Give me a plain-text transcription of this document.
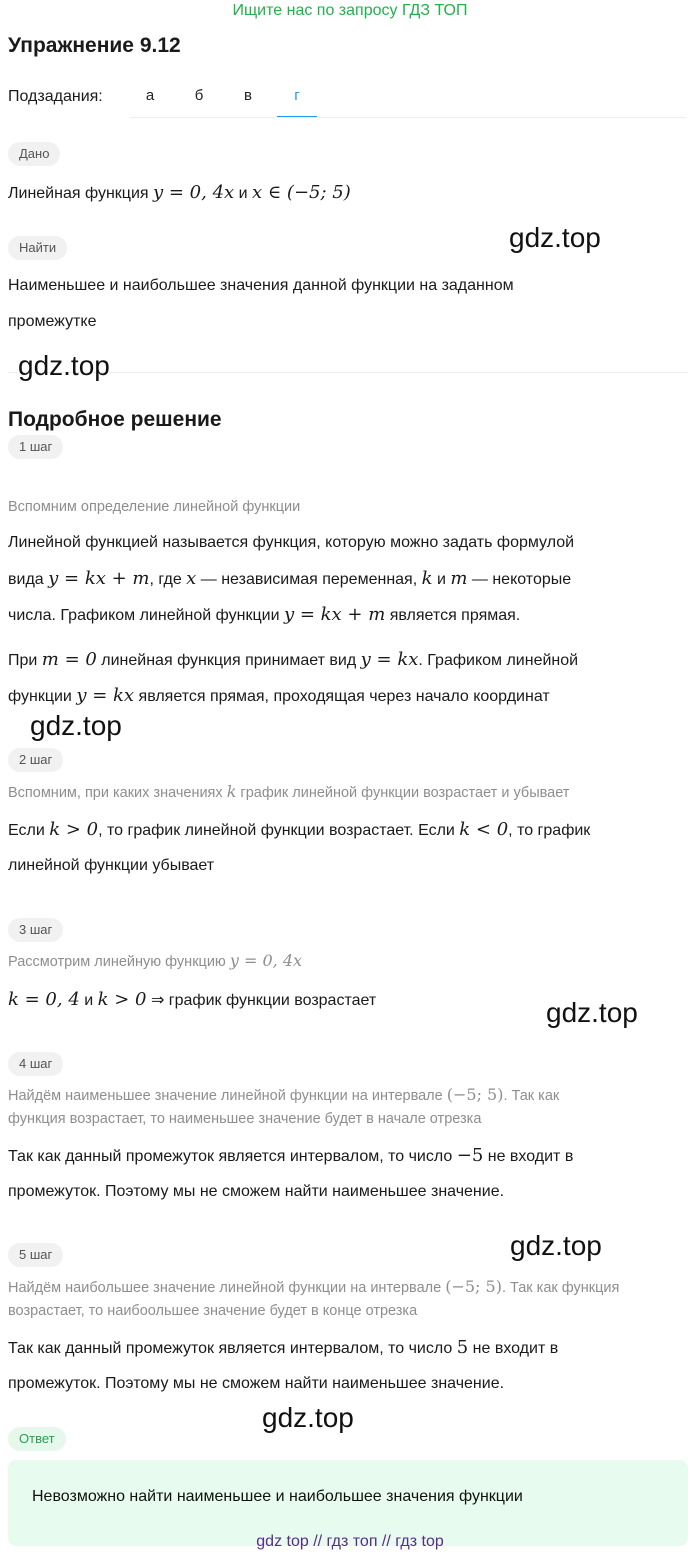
Ищите нас по запросу ГДЗ ТОП
Упражнение 9.12
Подзадания:	а	б	в	г
Дано
Линейная функция y = 0, 4x и x ∈ (−5; 5)
Найти
Наименьшее и наибольшее значения данной функции на заданном
промежутке
Подробное решение
1 шаг
Вспомним определение линейной функции
Линейной функцией называется функция, которую можно задать формулой
вида y = kx + m, где x — независимая переменная, k и m — некоторые
числа. Графиком линейной функции y = kx + m является прямая.
При m = 0 линейная функция принимает вид y = kx. Графиком линейной
функции y = kx является прямая, проходящая через начало координат
2 шаг
Вспомним, при каких значениях k график линейной функции возрастает и убывает
Если k > 0, то график линейной функции возрастает. Если k < 0, то график
линейной функции убывает
3 шаг
Рассмотрим линейную функцию y = 0, 4x
k = 0, 4 и k > 0 ⇒ график функции возрастает
4 шаг
Найдём наименьшее значение линейной функции на интервале (−5; 5). Так как
функция возрастает, то наименьшее значение будет в начале отрезка
Так как данный промежуток является интервалом, то число −5 не входит в
промежуток. Поэтому мы не сможем найти наименьшее значение.
5 шаг
Найдём наибольшее значение линейной функции на интервале (−5; 5). Так как функция
возрастает, то наибоольшее значение будет в конце отрезка
Так как данный промежуток является интервалом, то число 5 не входит в
промежуток. Поэтому мы не сможем найти наименьшее значение.
Ответ
Невозможно найти наименьшее и наибольшее значения функции
gdz.top
gdz.top
gdz.top
gdz.top
gdz.top
gdz.top
gdz top // гдз топ // гдз top
